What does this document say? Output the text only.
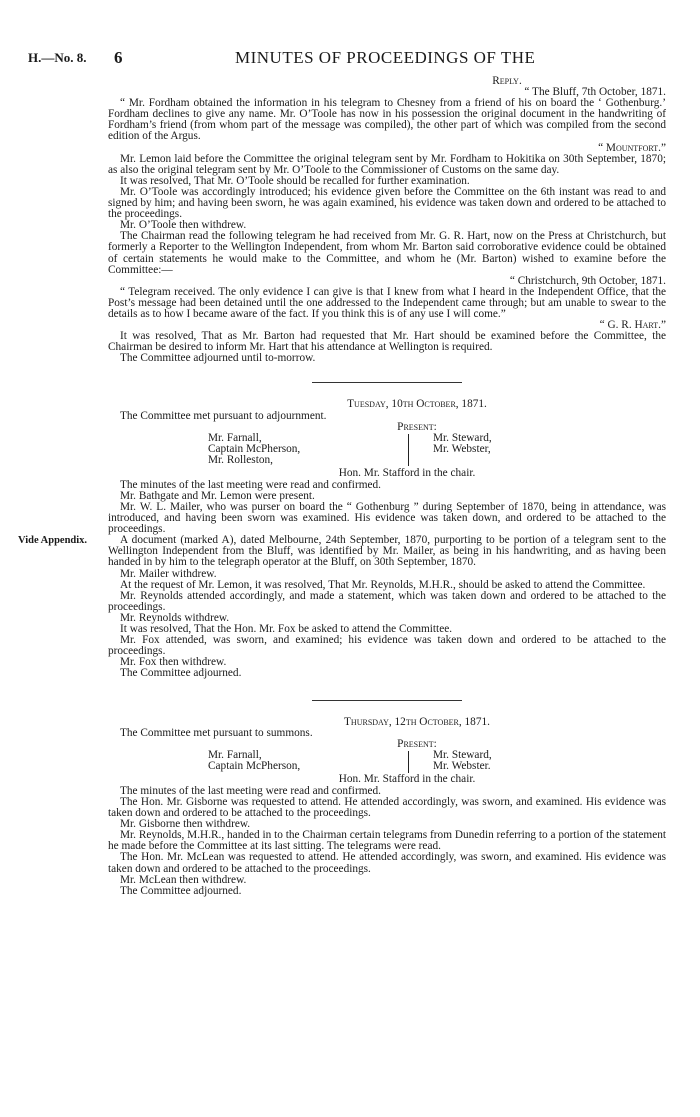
H.—No. 8. 6	MINUTES OF PROCEEDINGS OF THE

Reply.

“ The Bluff, 7th October, 1871.

“ Mr. Fordham obtained the information in his telegram to Chesney from a friend of his on board the ‘ Gothenburg.’ Fordham declines to give any name. Mr. O’Toole has now in his possession the original document in the handwriting of Fordham’s friend (from whom part of the message was compiled), the other part of which was compiled from the second edition of the Argus.

“ Mountfort.”

Mr. Lemon laid before the Committee the original telegram sent by Mr. Fordham to Hokitika on 30th September, 1870; as also the original telegram sent by Mr. O’Toole to the Commissioner of Customs on the same day.

It was resolved, That Mr. O’Toole should be recalled for further examination.

Mr. O’Toole was accordingly introduced; his evidence given before the Committee on the 6th instant was read to and signed by him; and having been sworn, he was again examined, his evidence was taken down and ordered to be attached to the proceedings.

Mr. O’Toole then withdrew.

The Chairman read the following telegram he had received from Mr. G. R. Hart, now on the Press at Christchurch, but formerly a Reporter to the Wellington Independent, from whom Mr. Barton said corroborative evidence could be obtained of certain statements he would make to the Committee, and whom he (Mr. Barton) wished to examine before the Committee:—

“ Christchurch, 9th October, 1871.

“ Telegram received. The only evidence I can give is that I knew from what I heard in the Independent Office, that the Post’s message had been detained until the one addressed to the Independent came through; but am unable to swear to the details as to how I became aware of the fact. If you think this is of any use I will come.”

“ G. R. Hart.”

It was resolved, That as Mr. Barton had requested that Mr. Hart should be examined before the Committee, the Chairman be desired to inform Mr. Hart that his attendance at Wellington is required.

The Committee adjourned until to-morrow.

Tuesday, 10th October, 1871.

The Committee met pursuant to adjournment.

Present:

Mr. Farnall,
Captain McPherson,
Mr. Rolleston,
Mr. Steward,
Mr. Webster,

Hon. Mr. Stafford in the chair.

The minutes of the last meeting were read and confirmed.

Mr. Bathgate and Mr. Lemon were present.

Mr. W. L. Mailer, who was purser on board the “ Gothenburg ” during September of 1870, being in attendance, was introduced, and having been sworn was examined. His evidence was taken down, and ordered to be attached to the proceedings.

Vide Appendix.	A document (marked A), dated Melbourne, 24th September, 1870, purporting to be portion of a telegram sent to the Wellington Independent from the Bluff, was identified by Mr. Mailer, as being in his handwriting, and as having been handed in by him to the telegraph operator at the Bluff, on 30th September, 1870.

Mr. Mailer withdrew.

At the request of Mr. Lemon, it was resolved, That Mr. Reynolds, M.H.R., should be asked to attend the Committee.

Mr. Reynolds attended accordingly, and made a statement, which was taken down and ordered to be attached to the proceedings.

Mr. Reynolds withdrew.

It was resolved, That the Hon. Mr. Fox be asked to attend the Committee.

Mr. Fox attended, was sworn, and examined; his evidence was taken down and ordered to be attached to the proceedings.

Mr. Fox then withdrew.

The Committee adjourned.

Thursday, 12th October, 1871.

The Committee met pursuant to summons.

Present:

Mr. Farnall,
Captain McPherson,
Mr. Steward,
Mr. Webster.

Hon. Mr. Stafford in the chair.

The minutes of the last meeting were read and confirmed.

The Hon. Mr. Gisborne was requested to attend. He attended accordingly, was sworn, and examined. His evidence was taken down and ordered to be attached to the proceedings.

Mr. Gisborne then withdrew.

Mr. Reynolds, M.H.R., handed in to the Chairman certain telegrams from Dunedin referring to a portion of the statement he made before the Committee at its last sitting. The telegrams were read.

The Hon. Mr. McLean was requested to attend. He attended accordingly, was sworn, and examined. His evidence was taken down and ordered to be attached to the proceedings.

Mr. McLean then withdrew.

The Committee adjourned.
